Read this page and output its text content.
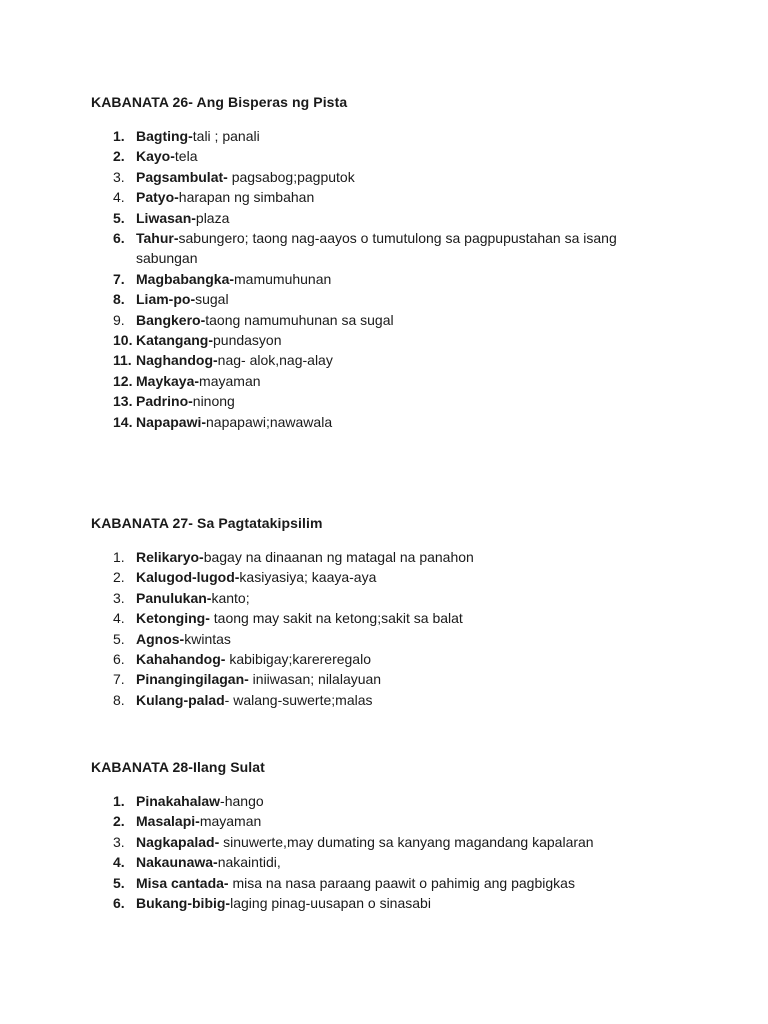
KABANATA 26- Ang Bisperas ng Pista

1. Bagting-tali ; panali
2. Kayo-tela
3. Pagsambulat- pagsabog;pagputok
4. Patyo-harapan ng simbahan
5. Liwasan-plaza
6. Tahur-sabungero; taong nag-aayos o tumutulong sa pagpupustahan sa isang sabungan
7. Magbabangka-mamumuhunan
8. Liam-po-sugal
9. Bangkero-taong namumuhunan sa sugal
10. Katangang-pundasyon
11. Naghandog-nag- alok,nag-alay
12. Maykaya-mayaman
13. Padrino-ninong
14. Napapawi-napapawi;nawawala

KABANATA 27- Sa Pagtatakipsilim

1. Relikaryo-bagay na dinaanan ng matagal na panahon
2. Kalugod-lugod-kasiyasiya; kaaya-aya
3. Panulukan-kanto;
4. Ketonging- taong may sakit na ketong;sakit sa balat
5. Agnos-kwintas
6. Kahahandog- kabibigay;karereregalo
7. Pinangingilagan- iniiwasan; nilalayuan
8. Kulang-palad- walang-suwerte;malas

KABANATA 28-Ilang Sulat

1. Pinakahalaw-hango
2. Masalapi-mayaman
3. Nagkapalad- sinuwerte,may dumating sa kanyang magandang kapalaran
4. Nakaunawa-nakaintidi,
5. Misa cantada- misa na nasa paraang paawit o pahimig ang pagbigkas
6. Bukang-bibig-laging pinag-uusapan o sinasabi
